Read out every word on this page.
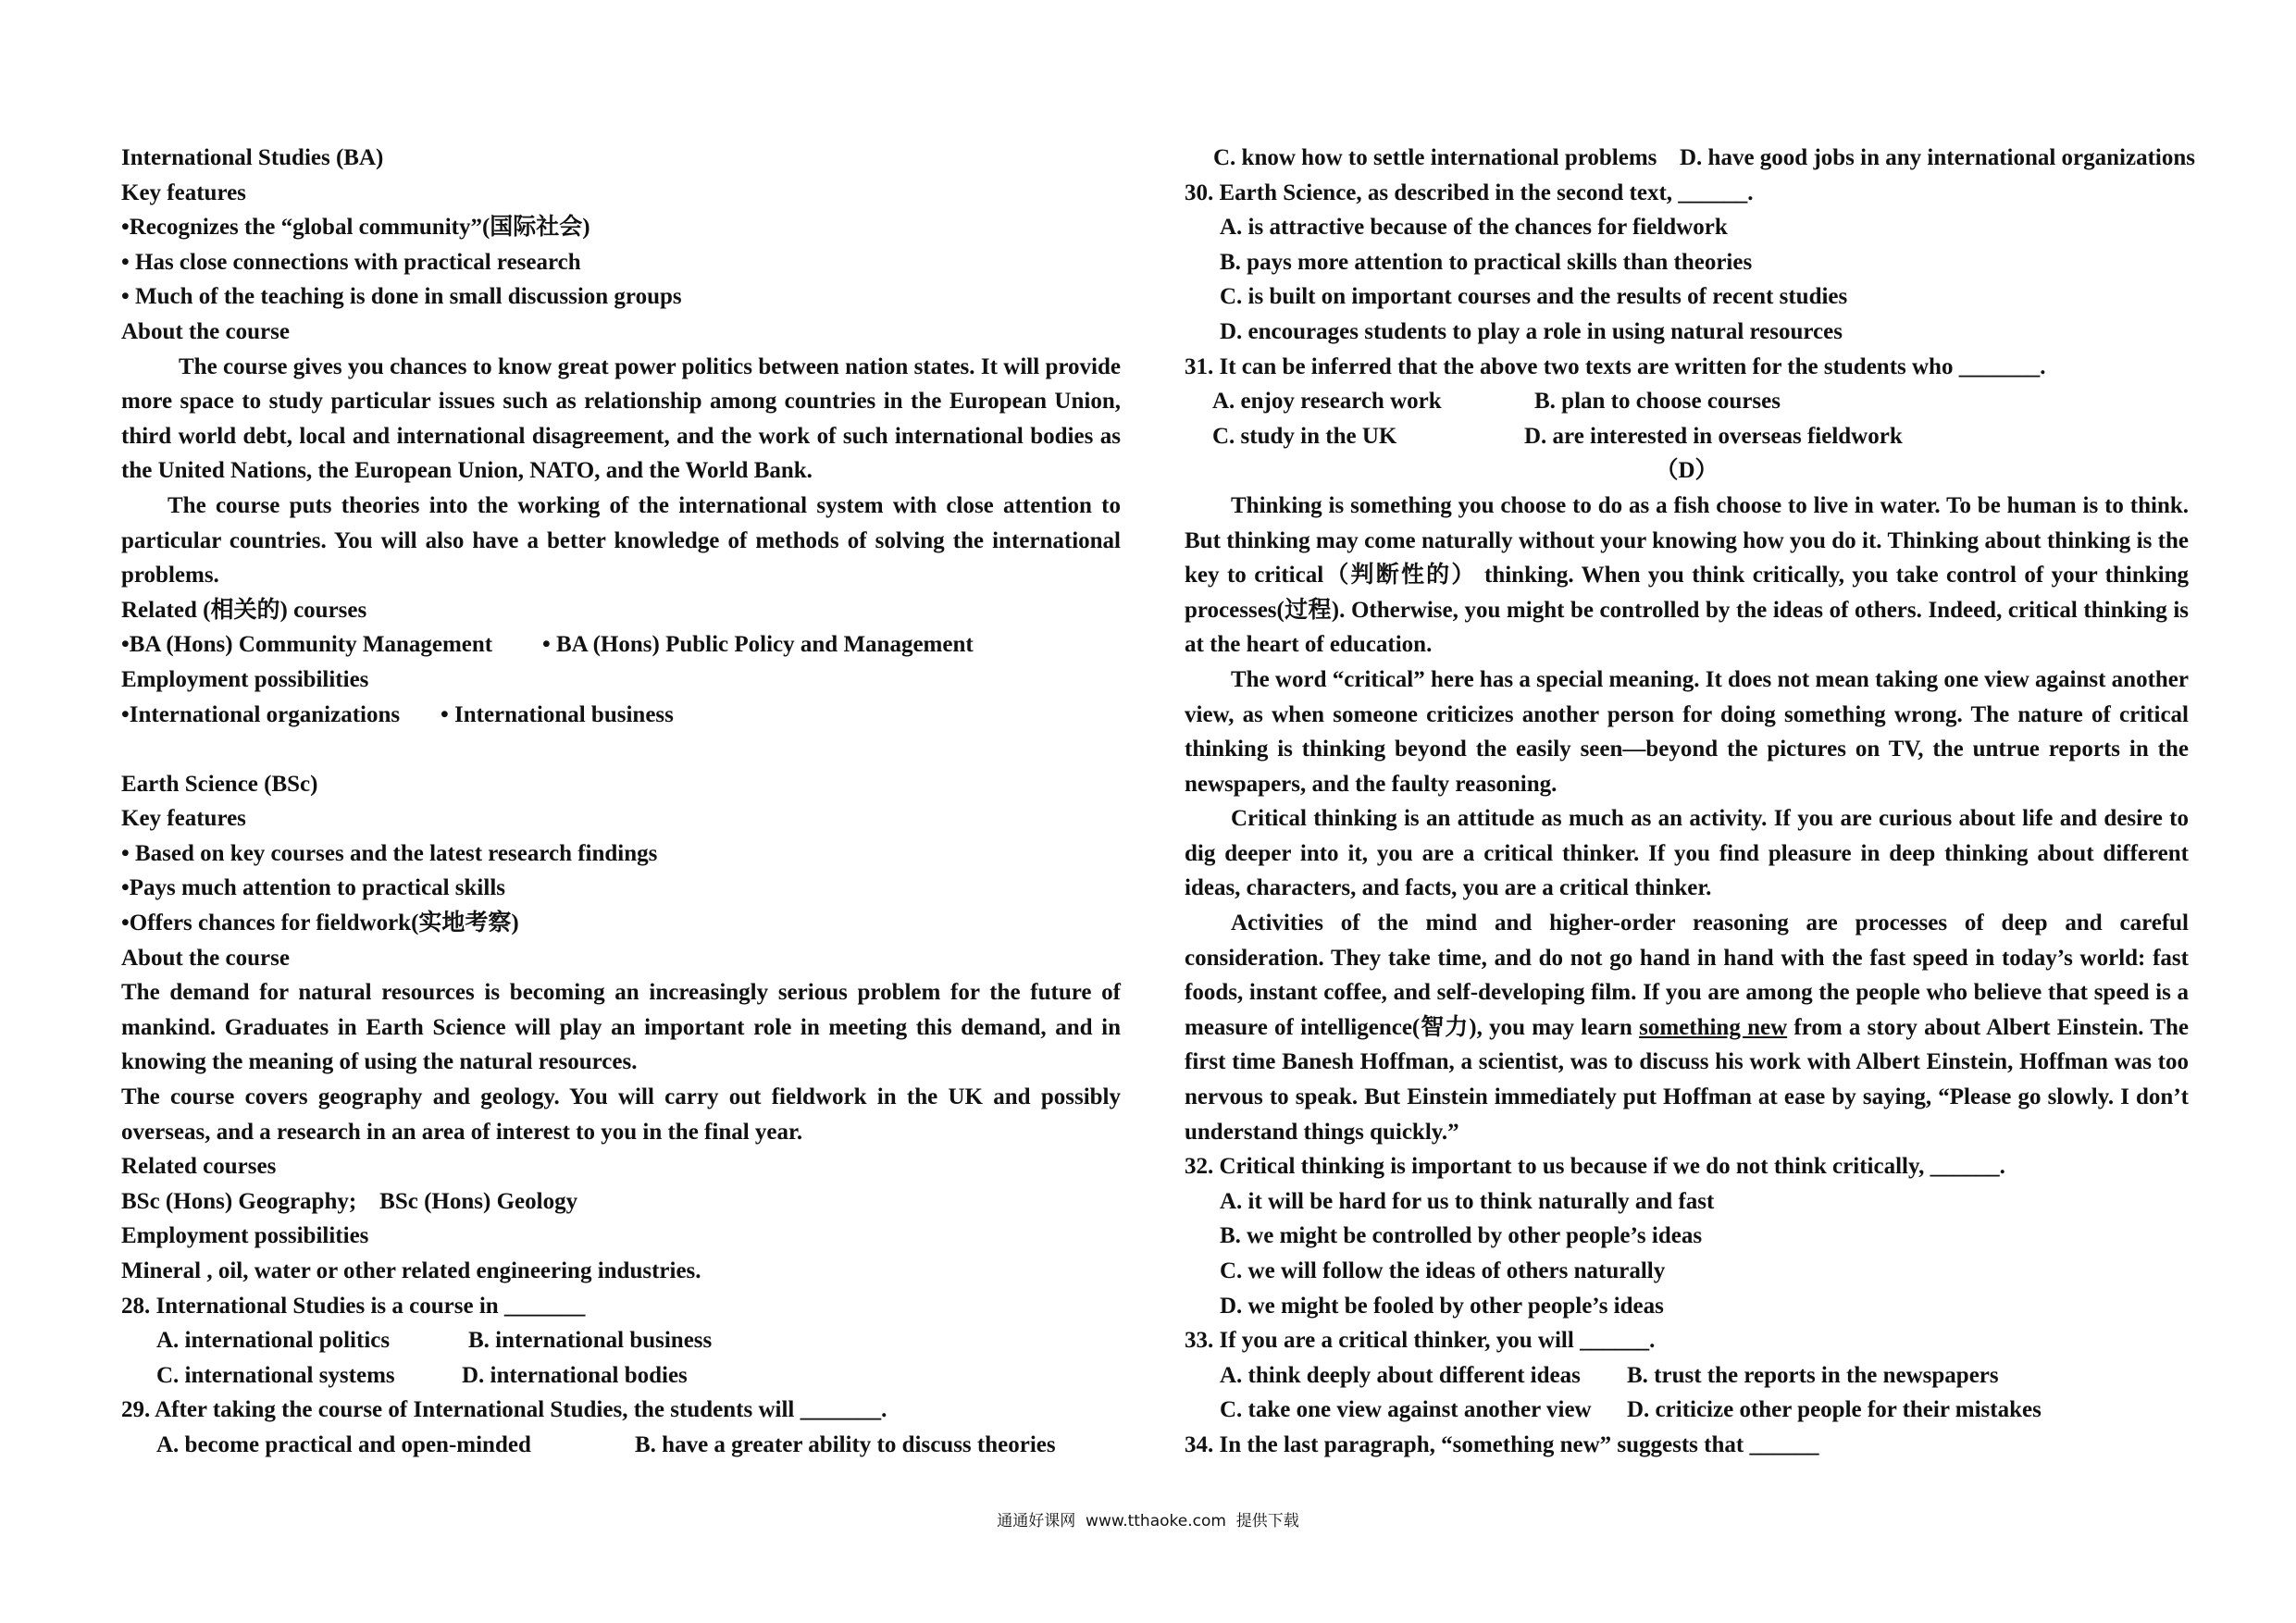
International Studies (BA)
Key features
•Recognizes the “global community”(国际社会)
• Has close connections with practical research
• Much of the teaching is done in small discussion groups
About the course
The course gives you chances to know great power politics between nation states. It will provide more space to study particular issues such as relationship among countries in the European Union, third world debt, local and international disagreement, and the work of such international bodies as the United Nations, the European Union, NATO, and the World Bank.
The course puts theories into the working of the international system with close attention to particular countries. You will also have a better knowledge of methods of solving the international problems.
Related (相关的) courses
•BA (Hons) Community Management • BA (Hons) Public Policy and Management
Employment possibilities
•International organizations • International business
Earth Science (BSc)
Key features
• Based on key courses and the latest research findings
•Pays much attention to practical skills
•Offers chances for fieldwork(实地考察)
About the course
The demand for natural resources is becoming an increasingly serious problem for the future of mankind. Graduates in Earth Science will play an important role in meeting this demand, and in knowing the meaning of using the natural resources.
The course covers geography and geology. You will carry out fieldwork in the UK and possibly overseas, and a research in an area of interest to you in the final year.
Related courses
BSc (Hons) Geography;    BSc (Hons) Geology
Employment possibilities
Mineral , oil, water or other related engineering industries.
28. International Studies is a course in _______
A. international politics	B. international business
C. international systems	D. international bodies
29. After taking the course of International Studies, the students will _______.
A. become practical and open-minded	B. have a greater ability to discuss theories
C. know how to settle international problems D. have good jobs in any international organizations
30. Earth Science, as described in the second text, ______.
A. is attractive because of the chances for fieldwork
B. pays more attention to practical skills than theories
C. is built on important courses and the results of recent studies
D. encourages students to play a role in using natural resources
31. It can be inferred that the above two texts are written for the students who _______.
A. enjoy research work	B. plan to choose courses
C. study in the UK	D. are interested in overseas fieldwork
（D）
Thinking is something you choose to do as a fish choose to live in water. To be human is to think. But thinking may come naturally without your knowing how you do it. Thinking about thinking is the key to critical（判断性的） thinking. When you think critically, you take control of your thinking processes(过程). Otherwise, you might be controlled by the ideas of others. Indeed, critical thinking is at the heart of education.
The word “critical” here has a special meaning. It does not mean taking one view against another view, as when someone criticizes another person for doing something wrong. The nature of critical thinking is thinking beyond the easily seen—beyond the pictures on TV, the untrue reports in the newspapers, and the faulty reasoning.
Critical thinking is an attitude as much as an activity. If you are curious about life and desire to dig deeper into it, you are a critical thinker. If you find pleasure in deep thinking about different ideas, characters, and facts, you are a critical thinker.
Activities of the mind and higher-order reasoning are processes of deep and careful consideration. They take time, and do not go hand in hand with the fast speed in today’s world: fast foods, instant coffee, and self-developing film. If you are among the people who believe that speed is a measure of intelligence(智力), you may learn something new from a story about Albert Einstein. The first time Banesh Hoffman, a scientist, was to discuss his work with Albert Einstein, Hoffman was too nervous to speak. But Einstein immediately put Hoffman at ease by saying, “Please go slowly. I don’t understand things quickly.”
32. Critical thinking is important to us because if we do not think critically, ______.
A. it will be hard for us to think naturally and fast
B. we might be controlled by other people’s ideas
C. we will follow the ideas of others naturally
D. we might be fooled by other people’s ideas
33. If you are a critical thinker, you will ______.
A. think deeply about different ideas B. trust the reports in the newspapers
C. take one view against another view D. criticize other people for their mistakes
34. In the last paragraph, “something new” suggests that ______
通通好课网  www.tthaoke.com  提供下载
